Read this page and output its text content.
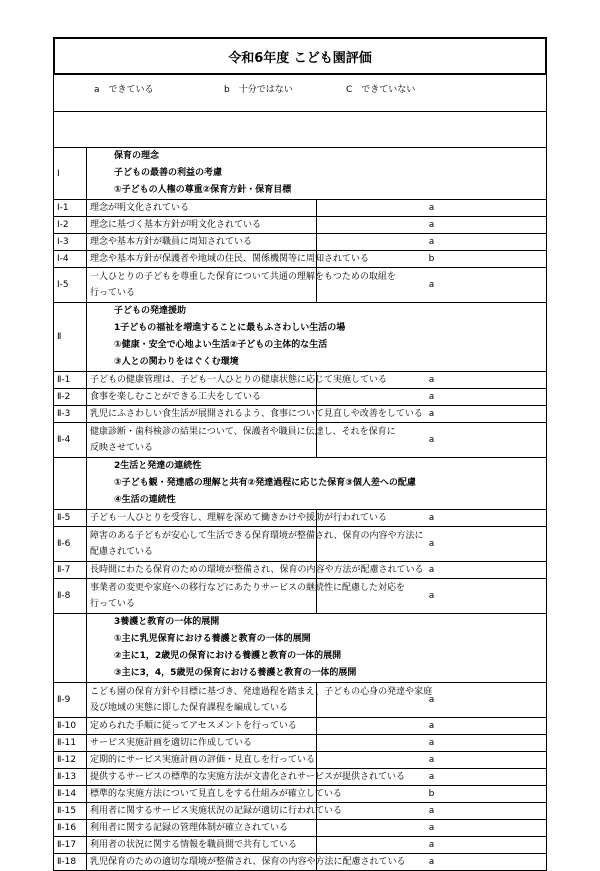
令和6年度 こども園評価
a　できている	b　十分ではない	C　できていない
Ⅰ	保育の理念
子どもの最善の利益の考慮
①子どもの人権の尊重②保育方針・保育目標	

Ⅰ-1	理念が明文化されている	a
Ⅰ-2	理念に基づく基本方針が明文化されている	a
Ⅰ-3	理念や基本方針が職員に周知されている	a
Ⅰ-4	理念や基本方針が保護者や地域の住民、関係機関等に周知されている	b
Ⅰ-5	一人ひとりの子どもを尊重した保育について共通の理解をもつための取組を
行っている	a
Ⅱ	子どもの発達援助
1子どもの福祉を増進することに最もふさわしい生活の場
①健康・安全で心地よい生活②子どもの主体的な生活
③人との関わりをはぐくむ環境	

Ⅱ-1	子どもの健康管理は、子ども一人ひとりの健康状態に応じて実施している	a
Ⅱ-2	食事を楽しむことができる工夫をしている	a
Ⅱ-3	乳児にふさわしい食生活が展開されるよう、食事について見直しや改善をしている	a
Ⅱ-4	健康診断・歯科検診の結果について、保護者や職員に伝達し、それを保育に
反映させている	a

	2生活と発達の連続性
①子ども観・発達感の理解と共有②発達過程に応じた保育③個人差への配慮
④生活の連続性	

Ⅱ-5	子ども一人ひとりを受容し、理解を深めて働きかけや援助が行われている	a
Ⅱ-6	障害のある子どもが安心して生活できる保育環境が整備され、保育の内容や方法に
配慮されている	a
Ⅱ-7	長時間にわたる保育のための環境が整備され、保育の内容や方法が配慮されている	a
Ⅱ-8	事業者の変更や家庭への移行などにあたりサービスの継続性に配慮した対応を
行っている	a

	3養護と教育の一体的展開
①主に乳児保育における養護と教育の一体的展開
②主に1，2歳児の保育における養護と教育の一体的展開
③主に3，4，5歳児の保育における養護と教育の一体的展開	

Ⅱ-9	こども園の保育方針や目標に基づき、発達過程を踏まえ、子どもの心身の発達や家庭
及び地域の実態に即した保育課程を編成している	a
Ⅱ-10	定められた手順に従ってアセスメントを行っている	a
Ⅱ-11	サービス実施計画を適切に作成している	a
Ⅱ-12	定期的にサービス実施計画の評価・見直しを行っている	a
Ⅱ-13	提供するサービスの標準的な実施方法が文書化されサービスが提供されている	a
Ⅱ-14	標準的な実施方法について見直しをする仕組みが確立している	b
Ⅱ-15	利用者に関するサービス実施状況の記録が適切に行われている	a
Ⅱ-16	利用者に関する記録の管理体制が確立されている	a
Ⅱ-17	利用者の状況に関する情報を職員間で共有している	a
Ⅱ-18	乳児保育のための適切な環境が整備され、保育の内容や方法に配慮されている	a
